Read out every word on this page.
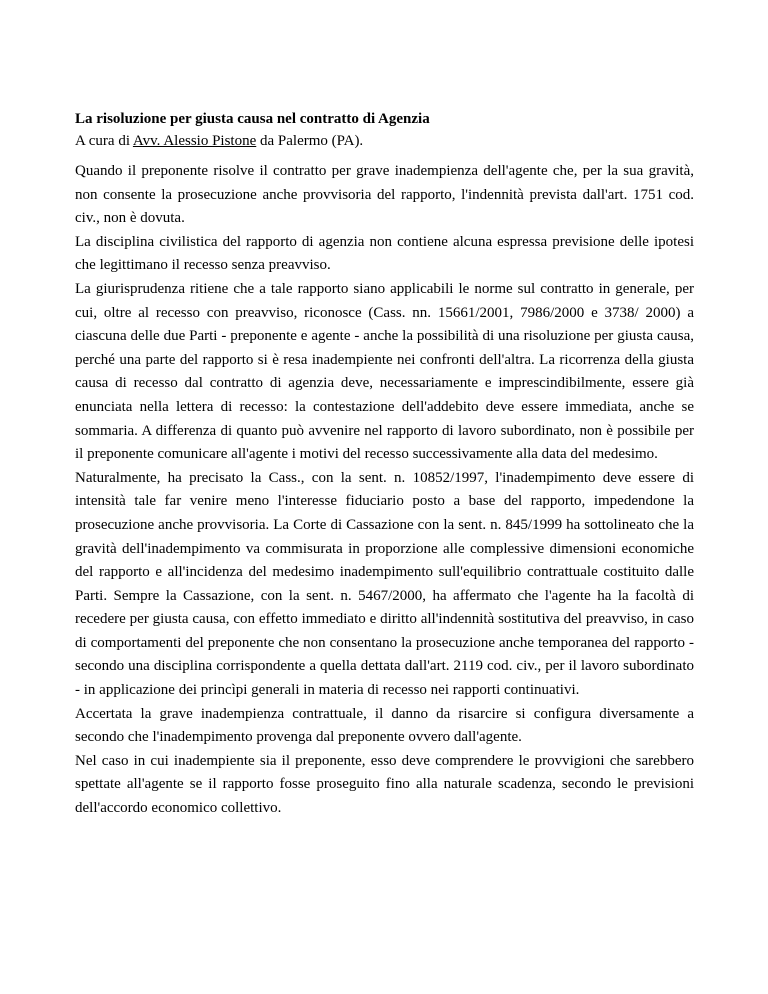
La risoluzione per giusta causa nel contratto di Agenzia

A cura di Avv. Alessio Pistone da Palermo (PA).

Quando il preponente risolve il contratto per grave inadempienza dell'agente che, per la sua gravità, non consente la prosecuzione anche provvisoria del rapporto, l'indennità prevista dall'art. 1751 cod. civ., non è dovuta.

La disciplina civilistica del rapporto di agenzia non contiene alcuna espressa previsione delle ipotesi che legittimano il recesso senza preavviso.

La giurisprudenza ritiene che a tale rapporto siano applicabili le norme sul contratto in generale, per cui, oltre al recesso con preavviso, riconosce (Cass. nn. 15661/2001, 7986/2000 e 3738/ 2000) a ciascuna delle due Parti - preponente e agente - anche la possibilità di una risoluzione per giusta causa, perché una parte del rapporto si è resa inadempiente nei confronti dell'altra. La ricorrenza della giusta causa di recesso dal contratto di agenzia deve, necessariamente e imprescindibilmente, essere già enunciata nella lettera di recesso: la contestazione dell'addebito deve essere immediata, anche se sommaria. A differenza di quanto può avvenire nel rapporto di lavoro subordinato, non è possibile per il preponente comunicare all'agente i motivi del recesso successivamente alla data del medesimo.

Naturalmente, ha precisato la Cass., con la sent. n. 10852/1997, l'inadempimento deve essere di intensità tale far venire meno l'interesse fiduciario posto a base del rapporto, impedendone la prosecuzione anche provvisoria. La Corte di Cassazione con la sent. n. 845/1999 ha sottolineato che la gravità dell'inadempimento va commisurata in proporzione alle complessive dimensioni economiche del rapporto e all'incidenza del medesimo inadempimento sull'equilibrio contrattuale costituito dalle Parti. Sempre la Cassazione, con la sent. n. 5467/2000, ha affermato che l'agente ha la facoltà di recedere per giusta causa, con effetto immediato e diritto all'indennità sostitutiva del preavviso, in caso di comportamenti del preponente che non consentano la prosecuzione anche temporanea del rapporto - secondo una disciplina corrispondente a quella dettata dall'art. 2119 cod. civ., per il lavoro subordinato - in applicazione dei princìpi generali in materia di recesso nei rapporti continuativi.

Accertata la grave inadempienza contrattuale, il danno da risarcire si configura diversamente a secondo che l'inadempimento provenga dal preponente ovvero dall'agente.

Nel caso in cui inadempiente sia il preponente, esso deve comprendere le provvigioni che sarebbero spettate all'agente se il rapporto fosse proseguito fino alla naturale scadenza, secondo le previsioni dell'accordo economico collettivo.
